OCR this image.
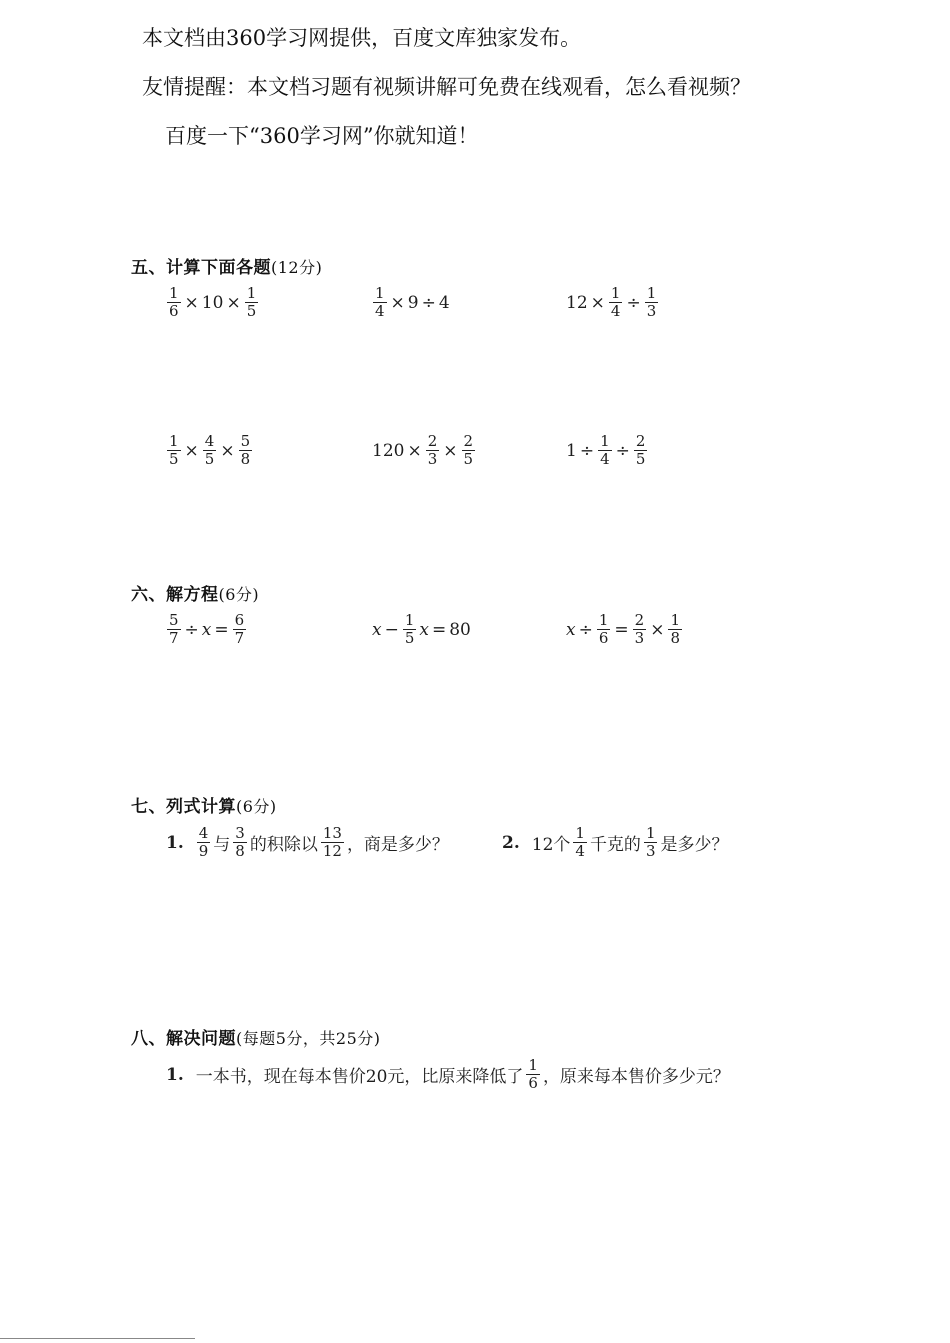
本文档由360学习网提供，百度文库独家发布。
友情提醒：本文档习题有视频讲解可免费在线观看，怎么看视频？
百度一下“360学习网”你就知道！
五、计算下面各题(12分)
$\frac{1}{6} \times 10 \times \frac{1}{5}$	$\frac{1}{4} \times 9 \div 4$	$12 \times \frac{1}{4} \div \frac{1}{3}$
$\frac{1}{5} \times \frac{4}{5} \times \frac{5}{8}$	$120 \times \frac{2}{3} \times \frac{2}{5}$	$1 \div \frac{1}{4} \div \frac{2}{5}$
六、解方程(6分)
$\frac{5}{7} \div x = \frac{6}{7}$	$x - \frac{1}{5}$ x = 80	$x \div \frac{1}{6} = \frac{2}{3} \times \frac{1}{8}$
七、列式计算(6分)
1. $\frac{4}{9}$ 与 $\frac{3}{8}$ 的积除以 $\frac{13}{12}$ ，商是多少？	2. 12个 $\frac{1}{4}$ 千克的 $\frac{1}{3}$ 是多少？
八、解决问题(每题5分，共25分)
1. 一本书，现在每本售价20元，比原来降低了 $\frac{1}{6}$ ，原来每本售价多少元？
